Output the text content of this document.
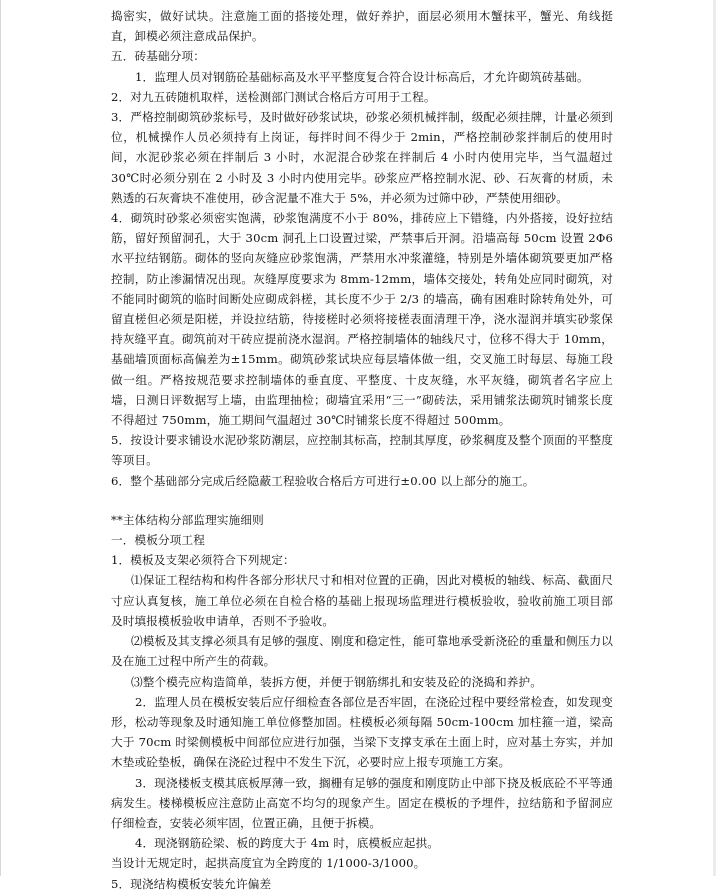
捣密实，做好试块。注意施工面的搭接处理，做好养护，面层必须用木蟹抹平，蟹光、角线挺直，卸模必须注意成品保护。

五．砖基础分项：

1．监理人员对钢筋砼基础标高及水平平整度复合符合设计标高后，才允许砌筑砖基础。

2．对九五砖随机取样，送检测部门测试合格后方可用于工程。

3．严格控制砌筑砂浆标号，及时做好砂浆试块，砂浆必须机械拌制，级配必须挂牌，计量必须到位，机械操作人员必须持有上岗证，每拌时间不得少于 2min，严格控制砂浆拌制后的使用时间，水泥砂浆必须在拌制后 3 小时，水泥混合砂浆在拌制后 4 小时内使用完毕，当气温超过 30℃时必须分别在 2 小时及 3 小时内使用完毕。砂浆应严格控制水泥、砂、石灰膏的材质，未熟透的石灰膏块不准使用，砂含泥量不准大于 5%，并必须为过筛中砂，严禁使用细砂。

4．砌筑时砂浆必须密实饱满，砂浆饱满度不小于 80%，排砖应上下错缝，内外搭接，设好拉结筋，留好预留洞孔，大于 30cm 洞孔上口设置过梁，严禁事后开洞。沿墙高每 50cm 设置 2Φ6 水平拉结钢筋。砌体的竖向灰缝应砂浆饱满，严禁用水冲浆灌缝，特别是外墙体砌筑要更加严格控制，防止渗漏情况出现。灰缝厚度要求为 8mm-12mm，墙体交接处，转角处应同时砌筑，对不能同时砌筑的临时间断处应砌成斜槎，其长度不少于 2/3 的墙高，确有困难时除转角处外，可留直槎但必须是阳槎，并设拉结筋，待接槎时必须将接槎表面清理干净，浇水湿润并填实砂浆保持灰缝平直。砌筑前对干砖应提前浇水湿润。严格控制墙体的轴线尺寸，位移不得大于 10mm，基础墙顶面标高偏差为±15mm。砌筑砂浆试块应每层墙体做一组，交叉施工时每层、每施工段做一组。严格按规范要求控制墙体的垂直度、平整度、十皮灰缝，水平灰缝，砌筑者名字应上墙，日测日评数据写上墙，由监理抽检；砌墙宜采用“三一”砌砖法，采用铺浆法砌筑时铺浆长度不得超过 750mm，施工期间气温超过 30℃时铺浆长度不得超过 500mm。

5．按设计要求铺设水泥砂浆防潮层，应控制其标高，控制其厚度，砂浆稠度及整个顶面的平整度等项目。

6．整个基础部分完成后经隐蔽工程验收合格后方可进行±0.00 以上部分的施工。

**主体结构分部监理实施细则

一．模板分项工程

1．模板及支架必须符合下列规定：

⑴保证工程结构和构件各部分形状尺寸和相对位置的正确，因此对模板的轴线、标高、截面尺寸应认真复核，施工单位必须在自检合格的基础上报现场监理进行模板验收，验收前施工项目部及时填报模板验收申请单，否则不予验收。

⑵模板及其支撑必须具有足够的强度、刚度和稳定性，能可靠地承受新浇砼的重量和侧压力以及在施工过程中所产生的荷载。

⑶整个模壳应构造简单，装拆方便，并便于钢筋绑扎和安装及砼的浇捣和养护。

2．监理人员在模板安装后应仔细检查各部位是否牢固，在浇砼过程中要经常检查，如发现变形，松动等现象及时通知施工单位修整加固。柱模板必须每隔 50cm-100cm 加柱箍一道，梁高大于 70cm 时梁侧模板中间部位应进行加强，当梁下支撑支承在土面上时，应对基土夯实，并加木垫或砼垫板，确保在浇砼过程中不发生下沉，必要时应上报专项施工方案。

3．现浇楼板支模其底板厚薄一致，搁栅有足够的强度和刚度防止中部下挠及板底砼不平等通病发生。楼梯模板应注意防止高宽不均匀的现象产生。固定在模板的予埋件，拉结筋和予留洞应仔细检查，安装必须牢固，位置正确，且便于拆模。

4．现浇钢筋砼梁、板的跨度大于 4m 时，底模板应起拱。

当设计无规定时，起拱高度宜为全跨度的 1/1000-3/1000。

5．现浇结构模板安装允许偏差
